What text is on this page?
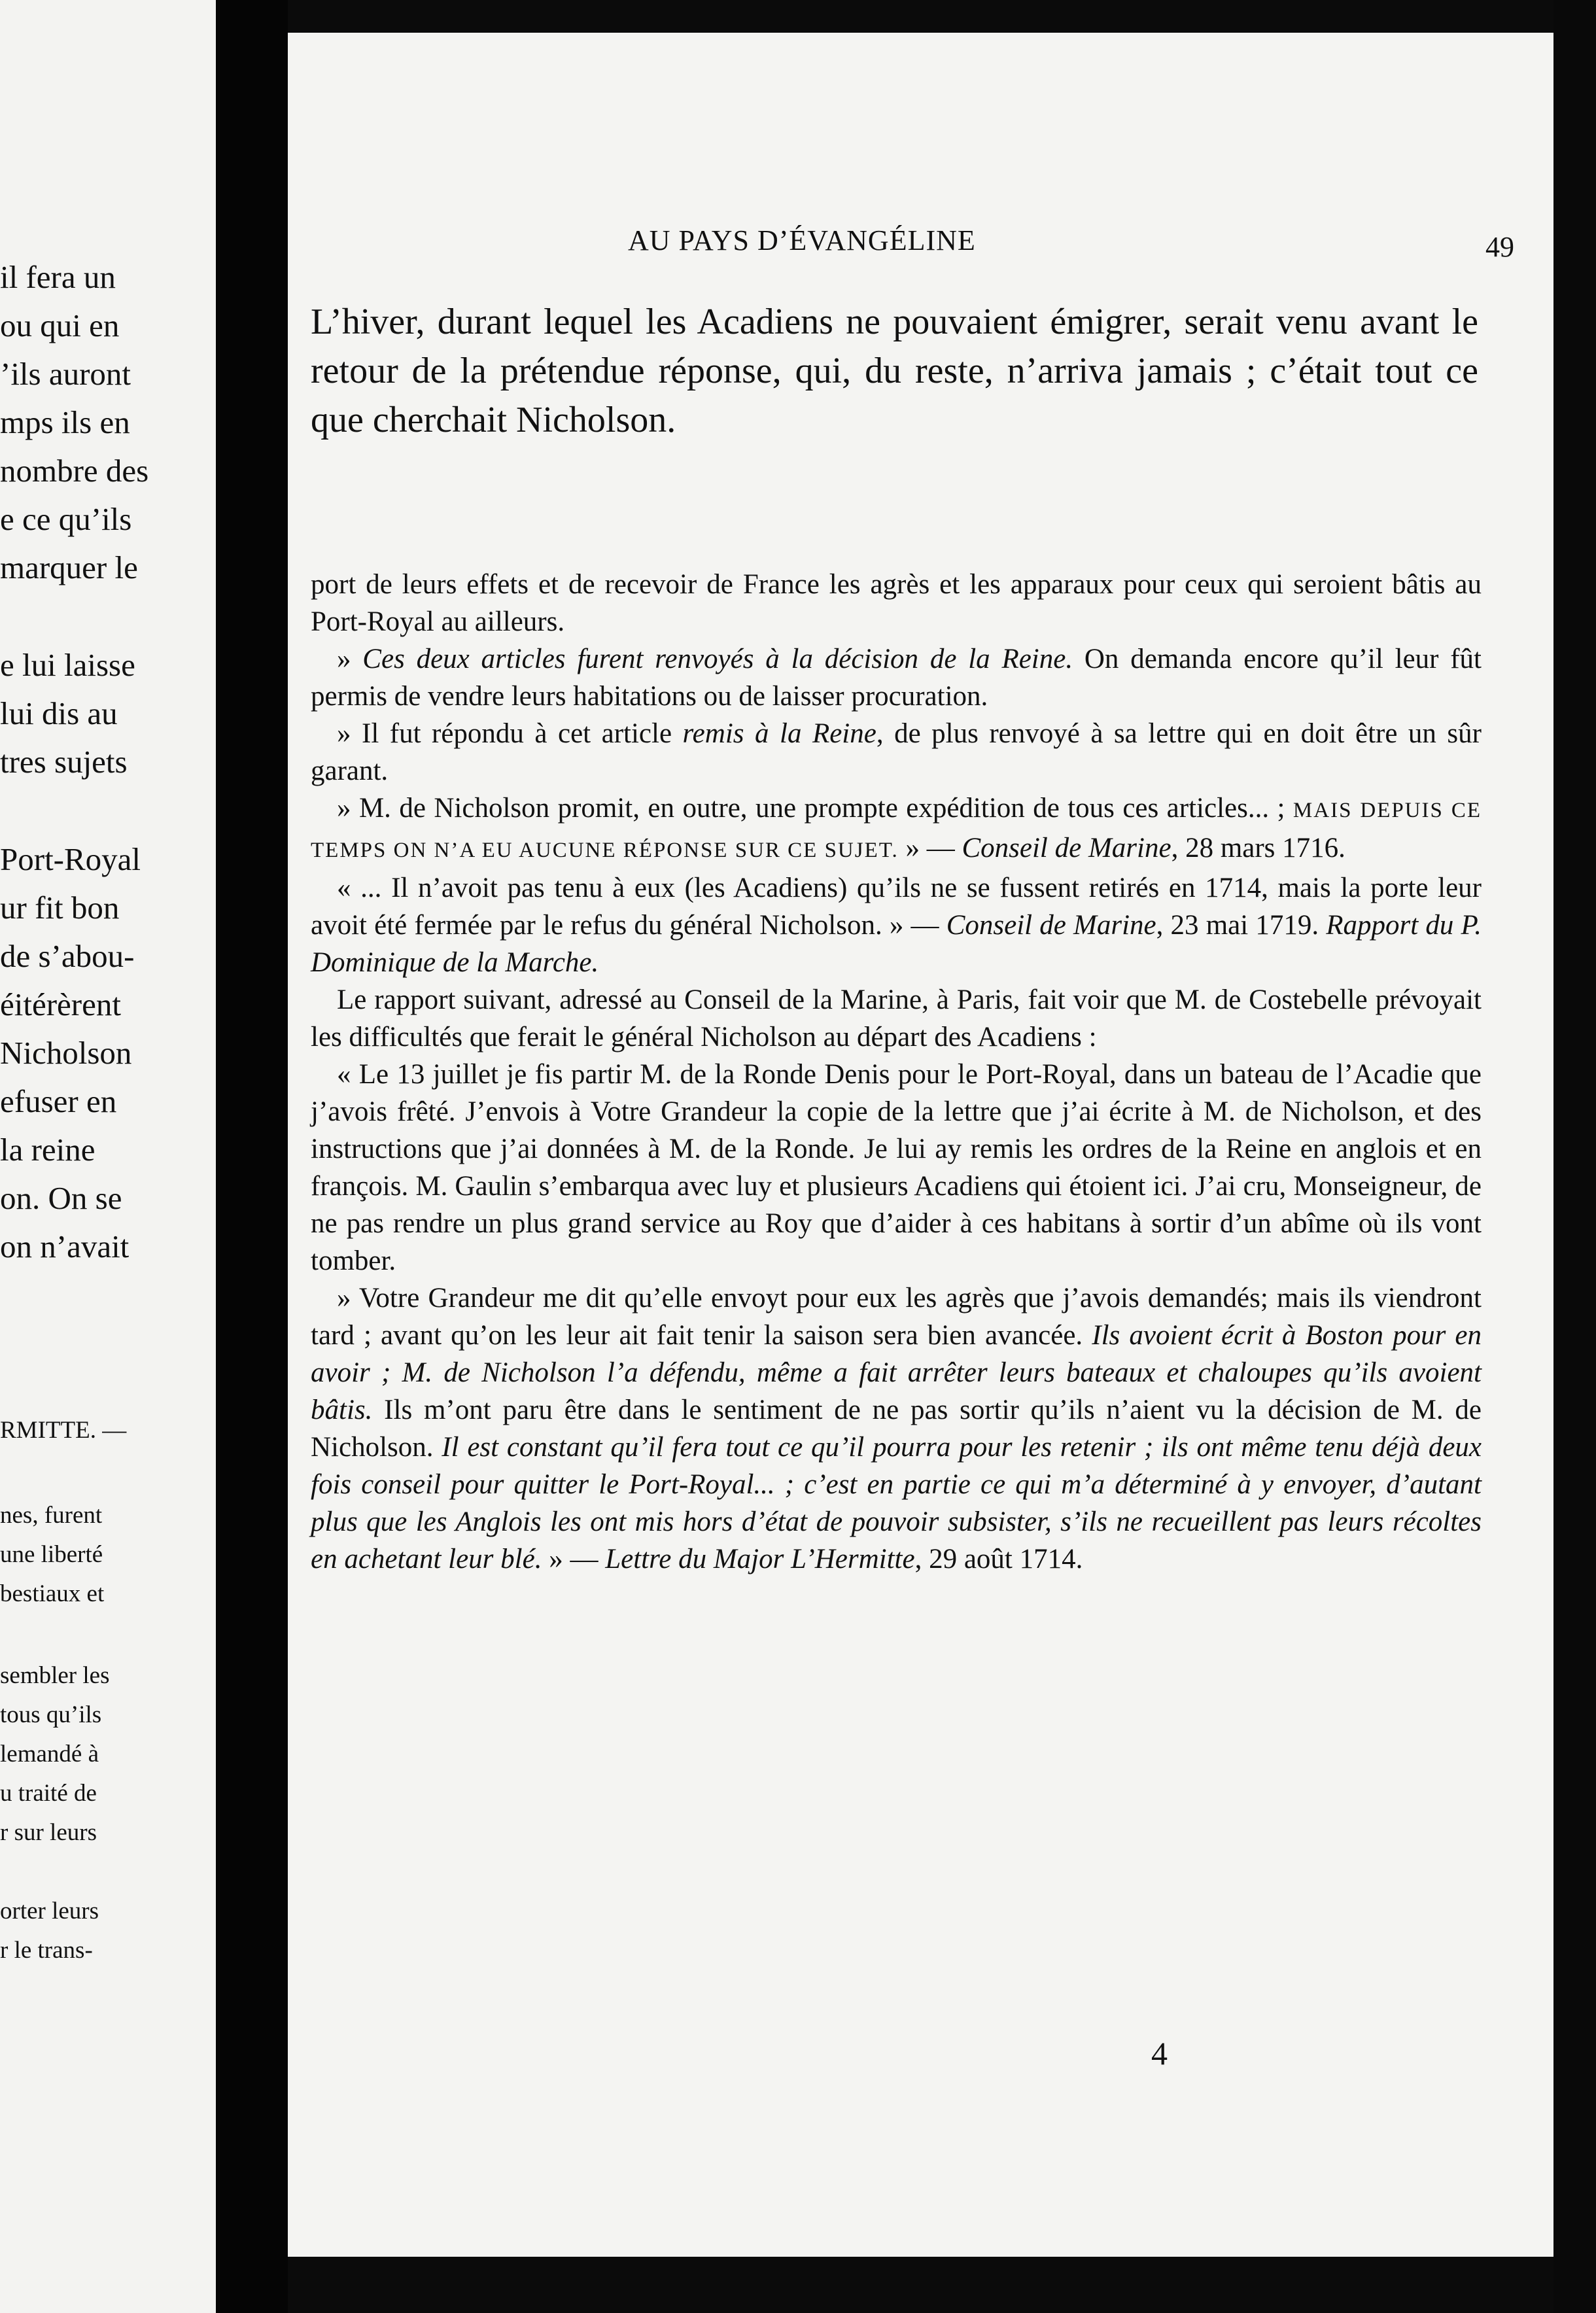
il fera un
ou qui en
’ils auront
mps ils en
nombre des
e ce qu’ils
marquer le
e lui laisse
lui dis au
tres sujets
Port-Royal
ur fit bon
de s’abou-
éitérèrent
Nicholson
efuser en
la reine
on. On se
on n’avait
RMITTE. —
nes, furent
une liberté
bestiaux et
sembler les
tous qu’ils
lemandé à
u traité de
r sur leurs
orter leurs
r le trans-
AU PAYS D’ÉVANGÉLINE	49

L’hiver, durant lequel les Acadiens ne pouvaient émigrer, serait venu avant le retour de la prétendue réponse, qui, du reste, n’arriva jamais ; c’était tout ce que cherchait Nicholson.

port de leurs effets et de recevoir de France les agrès et les apparaux pour ceux qui seroient bâtis au Port-Royal au ailleurs.

» Ces deux articles furent renvoyés à la décision de la Reine. On demanda encore qu’il leur fût permis de vendre leurs habitations ou de laisser procuration.

» Il fut répondu à cet article remis à la Reine, de plus renvoyé à sa lettre qui en doit être un sûr garant.

» M. de Nicholson promit, en outre, une prompte expédition de tous ces articles... ; MAIS DEPUIS CE TEMPS ON N’A EU AUCUNE RÉPONSE SUR CE SUJET. » — Conseil de Marine, 28 mars 1716.

« ... Il n’avoit pas tenu à eux (les Acadiens) qu’ils ne se fussent retirés en 1714, mais la porte leur avoit été fermée par le refus du général Nicholson. » — Conseil de Marine, 23 mai 1719. Rapport du P. Dominique de la Marche.

Le rapport suivant, adressé au Conseil de la Marine, à Paris, fait voir que M. de Costebelle prévoyait les difficultés que ferait le général Nicholson au départ des Acadiens :

« Le 13 juillet je fis partir M. de la Ronde Denis pour le Port-Royal, dans un bateau de l’Acadie que j’avois frêté. J’envois à Votre Grandeur la copie de la lettre que j’ai écrite à M. de Nicholson, et des instructions que j’ai données à M. de la Ronde. Je lui ay remis les ordres de la Reine en anglois et en françois. M. Gaulin s’embarqua avec luy et plusieurs Acadiens qui étoient ici. J’ai cru, Monseigneur, de ne pas rendre un plus grand service au Roy que d’aider à ces habitans à sortir d’un abîme où ils vont tomber.

» Votre Grandeur me dit qu’elle envoyt pour eux les agrès que j’avois demandés; mais ils viendront tard ; avant qu’on les leur ait fait tenir la saison sera bien avancée. Ils avoient écrit à Boston pour en avoir ; M. de Nicholson l’a défendu, même a fait arrêter leurs bateaux et chaloupes qu’ils avoient bâtis. Ils m’ont paru être dans le sentiment de ne pas sortir qu’ils n’aient vu la décision de M. de Nicholson. Il est constant qu’il fera tout ce qu’il pourra pour les retenir ; ils ont même tenu déjà deux fois conseil pour quitter le Port-Royal... ; c’est en partie ce qui m’a déterminé à y envoyer, d’autant plus que les Anglois les ont mis hors d’état de pouvoir subsister, s’ils ne recueillent pas leurs récoltes en achetant leur blé. » — Lettre du Major L’Hermitte, 29 août 1714.

4
